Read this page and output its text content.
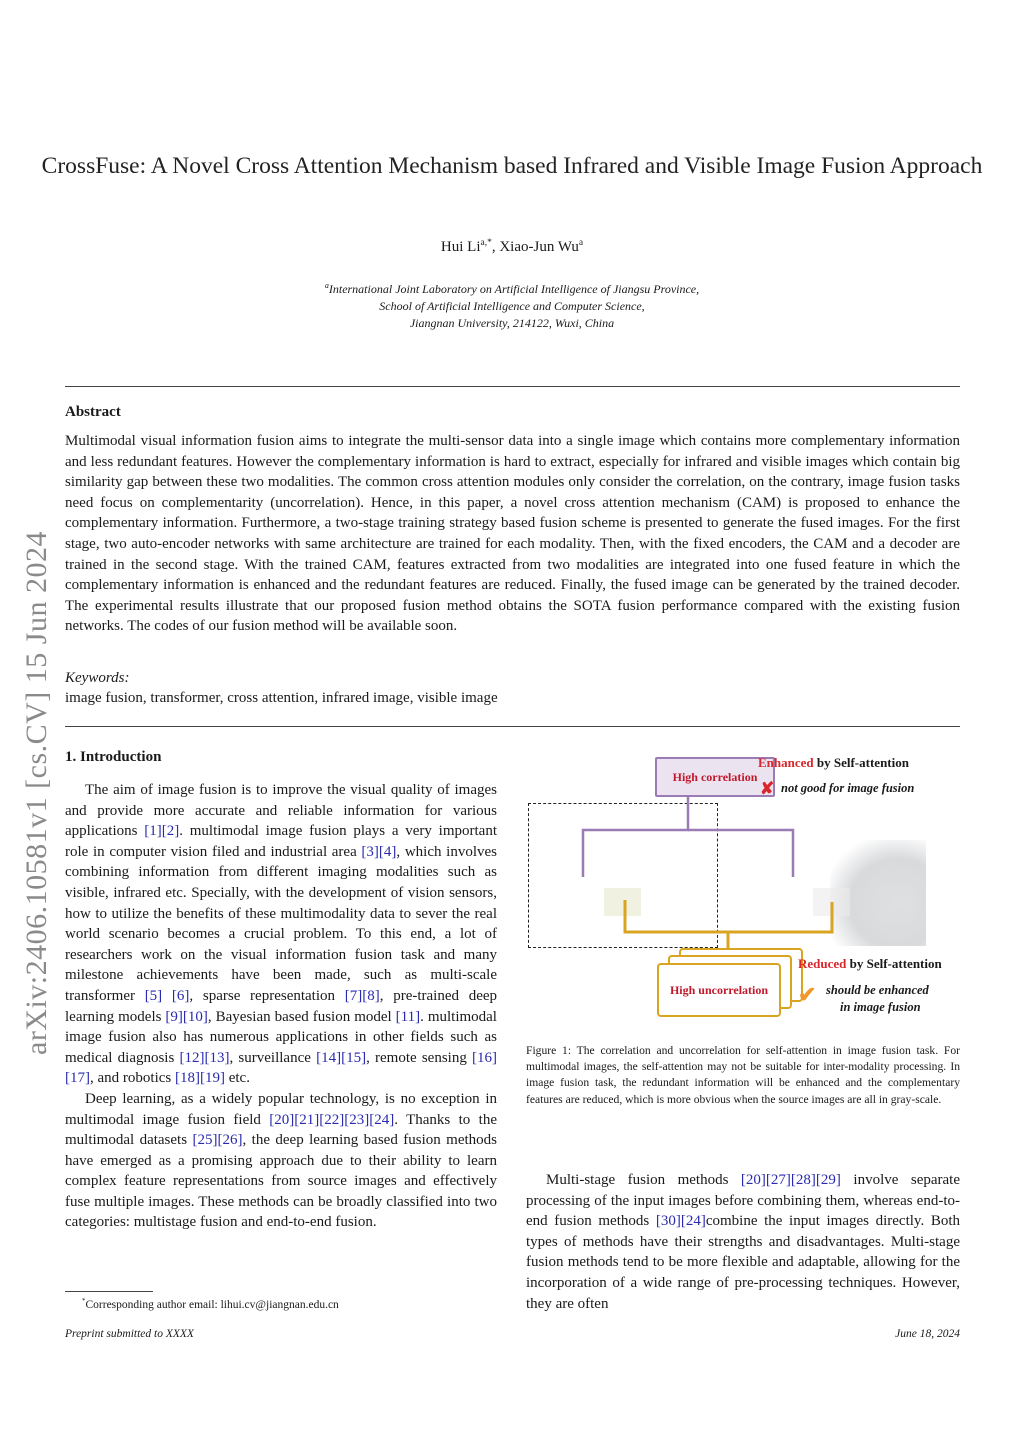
CrossFuse: A Novel Cross Attention Mechanism based Infrared and Visible Image Fusion Approach
Hui $Li^{a,*}$, Xiao-Jun Wu$^a$
$^a$International Joint Laboratory on Artificial Intelligence of Jiangsu Province,
School of Artificial Intelligence and Computer Science,
Jiangnan University, 214122, Wuxi, China
Abstract
Multimodal visual information fusion aims to integrate the multi-sensor data into a single image which contains more complementary information and less redundant features. However the complementary information is hard to extract, especially for infrared and visible images which contain big similarity gap between these two modalities. The common cross attention modules only consider the correlation, on the contrary, image fusion tasks need focus on complementarity (uncorrelation). Hence, in this paper, a novel cross attention mechanism (CAM) is proposed to enhance the complementary information. Furthermore, a two-stage training strategy based fusion scheme is presented to generate the fused images. For the first stage, two auto-encoder networks with same architecture are trained for each modality. Then, with the fixed encoders, the CAM and a decoder are trained in the second stage. With the trained CAM, features extracted from two modalities are integrated into one fused feature in which the complementary information is enhanced and the redundant features are reduced. Finally, the fused image can be generated by the trained decoder. The experimental results illustrate that our proposed fusion method obtains the SOTA fusion performance compared with the existing fusion networks. The codes of our fusion method will be available soon.
Keywords:
image fusion, transformer, cross attention, infrared image, visible image
arXiv:2406.10581v1 [cs.CV] 15 Jun 2024 1. Introduction

The aim of image fusion is to improve the visual quality of images and provide more accurate and reliable information for various applications [1][2]. multimodal image fusion plays a very important role in computer vision filed and industrial area [3][4], which involves combining information from different imaging modalities such as visible, infrared etc. Specially, with the development of vision sensors, how to utilize the benefits of these multimodality data to sever the real world scenario becomes a crucial problem. To this end, a lot of researchers work on the visual information fusion task and many milestone achievements have been made, such as multi-scale transformer [5] [6], sparse representation [7][8], pre-trained deep learning models [9][10], Bayesian based fusion model [11]. multimodal image fusion also has numerous applications in other fields such as medical diagnosis [12][13], surveillance [14][15], remote sensing [16][17], and robotics [18][19] etc.

Deep learning, as a widely popular technology, is no exception in multimodal image fusion field [20][21][22][23][24]. Thanks to the multimodal datasets [25][26], the deep learning based fusion methods have emerged as a promising approach due to their ability to learn complex feature representations from source images and effectively fuse multiple images. These methods can be broadly classified into two categories: multistage fusion and end-to-end fusion.

*Corresponding author email: lihui.cv@jiangnan.edu.cn
High correlation
Enhanced by Self-attention
✘ not good for image fusion
High uncorrelation
Reduced by Self-attention
✔ should be enhanced
in image fusion
Figure 1: The correlation and uncorrelation for self-attention in image fusion task. For multimodal images, the self-attention may not be suitable for inter-modality processing. In image fusion task, the redundant information will be enhanced and the complementary features are reduced, which is more obvious when the source images are all in gray-scale.

Multi-stage fusion methods [20][27][28][29] involve separate processing of the input images before combining them, whereas end-to-end fusion methods [30][24]combine the input images directly. Both types of methods have their strengths and disadvantages. Multi-stage fusion methods tend to be more flexible and adaptable, allowing for the incorporation of a wide range of pre-processing techniques. However, they are often

Preprint submitted to XXXX	June 18, 2024
